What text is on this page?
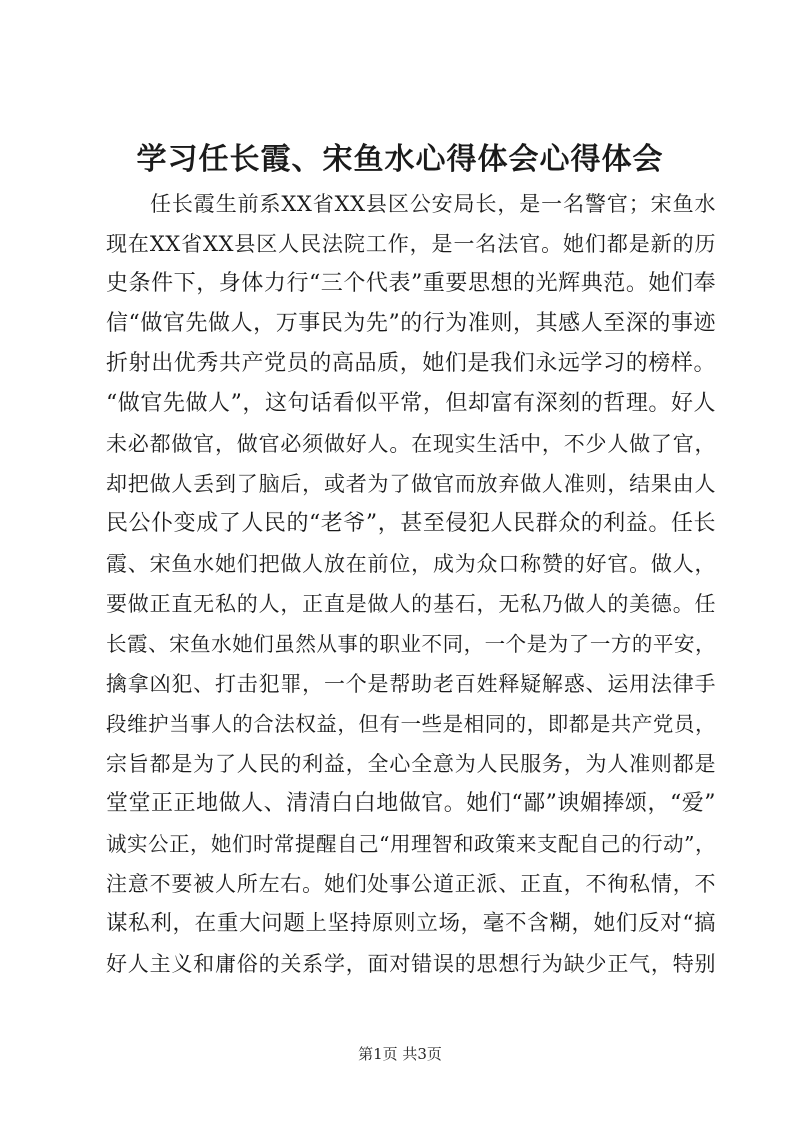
学习任长霞、宋鱼水心得体会心得体会
任长霞生前系XX省XX县区公安局长，是一名警官；宋鱼水
现在XX省XX县区人民法院工作，是一名法官。她们都是新的历
史条件下，身体力行“三个代表”重要思想的光辉典范。她们奉
信“做官先做人，万事民为先”的行为准则，其感人至深的事迹
折射出优秀共产党员的高品质，她们是我们永远学习的榜样。
“做官先做人”，这句话看似平常，但却富有深刻的哲理。好人
未必都做官，做官必须做好人。在现实生活中，不少人做了官，
却把做人丢到了脑后，或者为了做官而放弃做人准则，结果由人
民公仆变成了人民的“老爷”，甚至侵犯人民群众的利益。任长
霞、宋鱼水她们把做人放在前位，成为众口称赞的好官。做人，
要做正直无私的人，正直是做人的基石，无私乃做人的美德。任
长霞、宋鱼水她们虽然从事的职业不同，一个是为了一方的平安，
擒拿凶犯、打击犯罪，一个是帮助老百姓释疑解惑、运用法律手
段维护当事人的合法权益，但有一些是相同的，即都是共产党员，
宗旨都是为了人民的利益，全心全意为人民服务，为人准则都是
堂堂正正地做人、清清白白地做官。她们“鄙”谀媚捧颂，“爱”
诚实公正，她们时常提醒自己“用理智和政策来支配自己的行动”，
注意不要被人所左右。她们处事公道正派、正直，不徇私情，不
谋私利，在重大问题上坚持原则立场，毫不含糊，她们反对“搞
好人主义和庸俗的关系学，面对错误的思想行为缺少正气，特别
第1页 共3页
